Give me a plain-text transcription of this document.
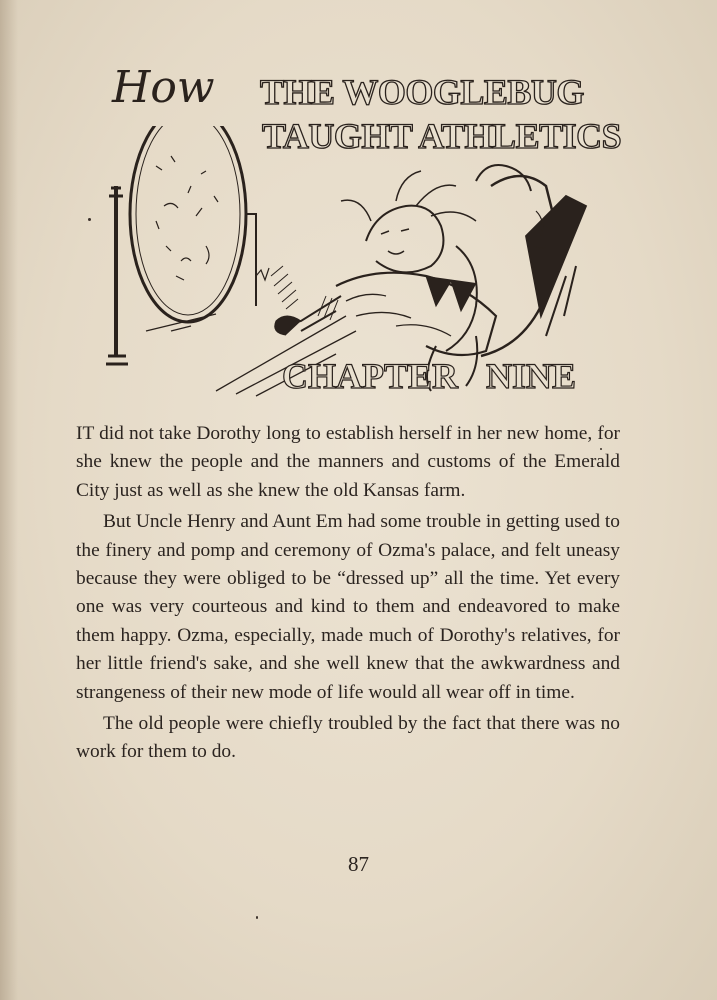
How THE WOOGLEBUG
TAUGHT ATHLETICS
CHAPTER NINE

IT did not take Dorothy long to establish herself in her new home, for she knew the people and the manners and customs of the Emerald City just as well as she knew the old Kansas farm.

But Uncle Henry and Aunt Em had some trouble in getting used to the finery and pomp and ceremony of Ozma's palace, and felt uneasy because they were obliged to be “dressed up” all the time. Yet every one was very courteous and kind to them and endeavored to make them happy. Ozma, especially, made much of Dorothy's relatives, for her little friend's sake, and she well knew that the awkwardness and strangeness of their new mode of life would all wear off in time.

The old people were chiefly troubled by the fact that there was no work for them to do.

87
